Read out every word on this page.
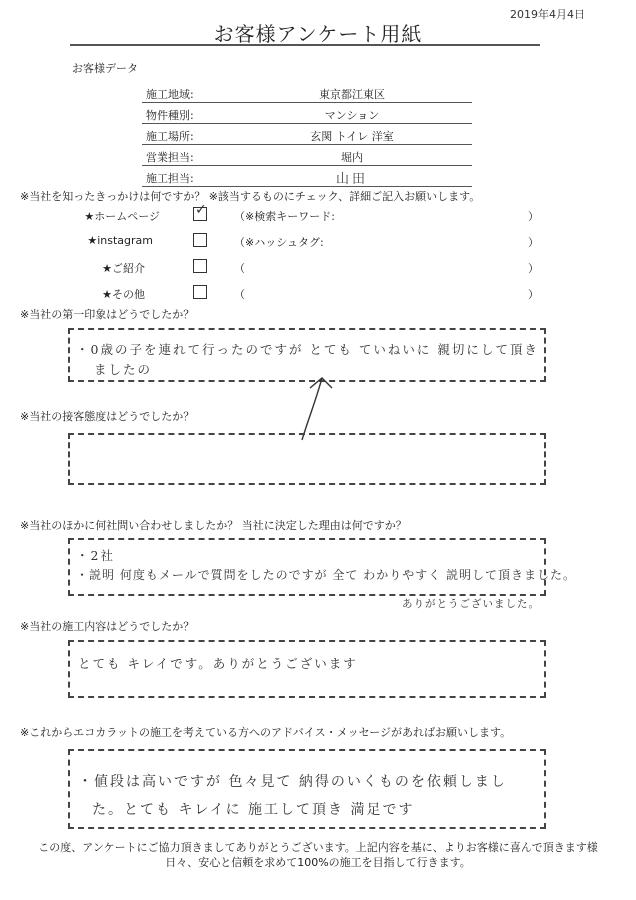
2019年4月4日
お客様アンケート用紙
お客様データ
施工地域:	東京都江東区
物件種別:	マンション
施工場所:	玄関 トイレ 洋室
営業担当:	堀内
施工担当:	山田
※当社を知ったきっかけは何ですか？ ※該当するものにチェック、詳細ご記入お願いします。
★ホームページ	✓ （※検索キーワード:	）
★instagram	（※ハッシュタグ:	）
★ご紹介	（	）
★その他	（	）
※当社の第一印象はどうでしたか？
・0歳の子を連れて行ったのですが とても ていねいに 親切にして頂き
ましたの
※当社の接客態度はどうでしたか？
※当社のほかに何社問い合わせしましたか？ 当社に決定した理由は何ですか？
・2社
・説明 何度もメールで質問をしたのですが 全て わかりやすく 説明して頂きました。
ありがとうございました。
※当社の施工内容はどうでしたか？
とても キレイです。ありがとうございます
※これからエコカラットの施工を考えている方へのアドバイス・メッセージがあればお願いします。
・値段は高いですが 色々見て 納得のいくものを依頼しまし
た。とても キレイに 施工して頂き 満足です
この度、アンケートにご協力頂きましてありがとうございます。上記内容を基に、よりお客様に喜んで頂きます様
日々、安心と信頼を求めて100%の施工を目指して行きます。
